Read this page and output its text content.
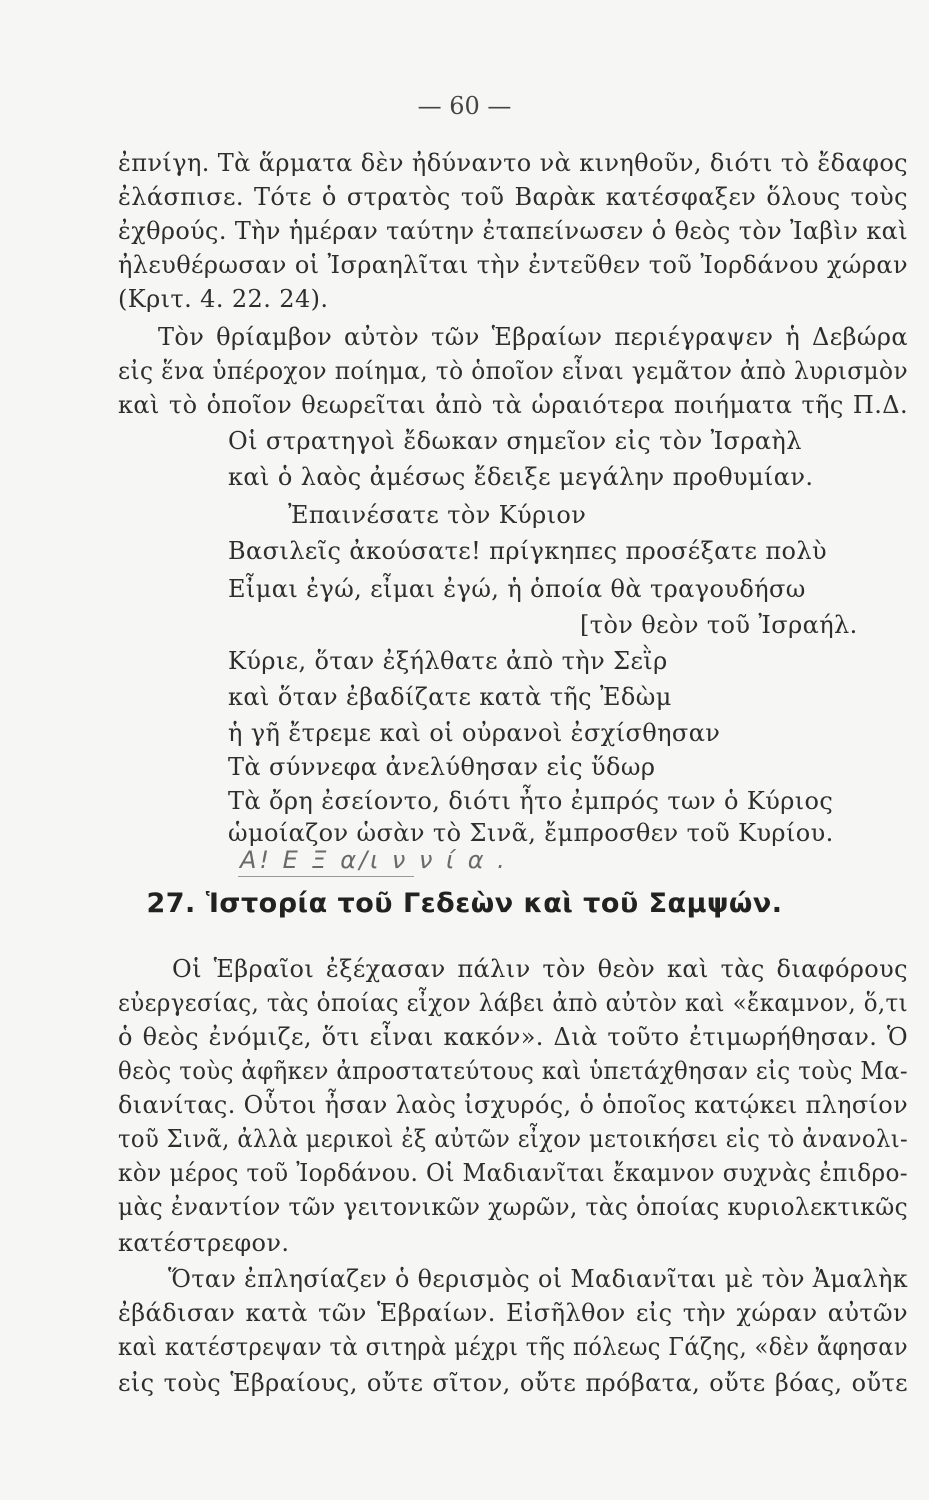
— 60 —
ἐπνίγη. Τὰ ἅρματα δὲν ἠδύναντο νὰ κινηθοῦν, διότι τὸ ἔδαφος
ἐλάσπισε. Τότε ὁ στρατὸς τοῦ Βαρὰκ κατέσφαξεν ὅλους τοὺς
ἐχθρούς. Τὴν ἡμέραν ταύτην ἐταπείνωσεν ὁ θεὸς τὸν Ἰαβὶν καὶ
ἠλευθέρωσαν οἱ Ἰσραηλῖται τὴν ἐντεῦθεν τοῦ Ἰορδάνου χώραν
(Κριτ. 4. 22. 24).
Τὸν θρίαμβον αὐτὸν τῶν Ἑβραίων περιέγραψεν ἡ Δεβώρα
εἰς ἕνα ὑπέροχον ποίημα, τὸ ὁποῖον εἶναι γεμᾶτον ἀπὸ λυρισμὸν
καὶ τὸ ὁποῖον θεωρεῖται ἀπὸ τὰ ὡραιότερα ποιήματα τῆς Π.Δ.
Οἱ στρατηγοὶ ἔδωκαν σημεῖον εἰς τὸν Ἰσραὴλ
καὶ ὁ λαὸς ἀμέσως ἔδειξε μεγάλην προθυμίαν.
Ἐπαινέσατε τὸν Κύριον
Βασιλεῖς ἀκούσατε! πρίγκηπες προσέξατε πολὺ
Εἶμαι ἐγώ, εἶμαι ἐγώ, ἡ ὁποία θὰ τραγουδήσω
[τὸν θεὸν τοῦ Ἰσραήλ.
Κύριε, ὅταν ἐξήλθατε ἀπὸ τὴν Σεῒρ
καὶ ὅταν ἐβαδίζατε κατὰ τῆς Ἐδὼμ
ἡ γῆ ἔτρεμε καὶ οἱ οὐρανοὶ ἐσχίσθησαν
Τὰ σύννεφα ἀνελύθησαν εἰς ὕδωρ
Τὰ ὄρη ἐσείοντο, διότι ἦτο ἐμπρός των ὁ Κύριος
ὡμοίαζον ὡσὰν τὸ Σινᾶ, ἔμπροσθεν τοῦ Κυρίου.
Α! Ε Ξ α/ι ν ν ί α .
27. Ἱστορία τοῦ Γεδεὼν καὶ τοῦ Σαμψών.
Οἱ Ἑβραῖοι ἐξέχασαν πάλιν τὸν θεὸν καὶ τὰς διαφόρους
εὐεργεσίας, τὰς ὁποίας εἶχον λάβει ἀπὸ αὐτὸν καὶ «ἔκαμνον, ὅ,τι
ὁ θεὸς ἐνόμιζε, ὅτι εἶναι κακόν». Διὰ τοῦτο ἐτιμωρήθησαν. Ὁ
θεὸς τοὺς ἀφῆκεν ἀπροστατεύτους καὶ ὑπετάχθησαν εἰς τοὺς Μα-
διανίτας. Οὗτοι ἦσαν λαὸς ἰσχυρός, ὁ ὁποῖος κατῴκει πλησίον
τοῦ Σινᾶ, ἀλλὰ μερικοὶ ἐξ αὐτῶν εἶχον μετοικήσει εἰς τὸ ἀνανολι-
κὸν μέρος τοῦ Ἰορδάνου. Οἱ Μαδιανῖται ἔκαμνον συχνὰς ἐπιδρο-
μὰς ἐναντίον τῶν γειτονικῶν χωρῶν, τὰς ὁποίας κυριολεκτικῶς
κατέστρεφον.
Ὅταν ἐπλησίαζεν ὁ θερισμὸς οἱ Μαδιανῖται μὲ τὸν Ἀμαλὴκ
ἐβάδισαν κατὰ τῶν Ἑβραίων. Εἰσῆλθον εἰς τὴν χώραν αὐτῶν
καὶ κατέστρεψαν τὰ σιτηρὰ μέχρι τῆς πόλεως Γάζης, «δὲν ἄφησαν
εἰς τοὺς Ἑβραίους, οὔτε σῖτον, οὔτε πρόβατα, οὔτε βόας, οὔτε
